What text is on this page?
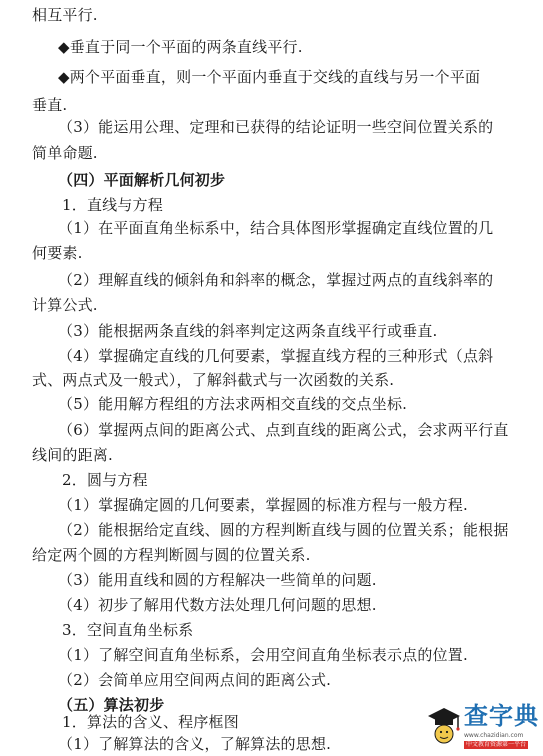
相互平行.
◆垂直于同一个平面的两条直线平行.
◆两个平面垂直，则一个平面内垂直于交线的直线与另一个平面
垂直.
（3）能运用公理、定理和已获得的结论证明一些空间位置关系的
简单命题.
（四）平面解析几何初步
1．直线与方程
（1）在平面直角坐标系中，结合具体图形掌握确定直线位置的几
何要素.
（2）理解直线的倾斜角和斜率的概念，掌握过两点的直线斜率的
计算公式.
（3）能根据两条直线的斜率判定这两条直线平行或垂直.
（4）掌握确定直线的几何要素，掌握直线方程的三种形式（点斜
式、两点式及一般式），了解斜截式与一次函数的关系.
（5）能用解方程组的方法求两相交直线的交点坐标.
（6）掌握两点间的距离公式、点到直线的距离公式，会求两平行直
线间的距离.
2．圆与方程
（1）掌握确定圆的几何要素，掌握圆的标准方程与一般方程.
（2）能根据给定直线、圆的方程判断直线与圆的位置关系；能根据
给定两个圆的方程判断圆与圆的位置关系.
（3）能用直线和圆的方程解决一些简单的问题.
（4）初步了解用代数方法处理几何问题的思想.
3．空间直角坐标系
（1）了解空间直角坐标系，会用空间直角坐标表示点的位置.
（2）会简单应用空间两点间的距离公式.
（五）算法初步
1．算法的含义、程序框图
（1）了解算法的含义，了解算法的思想.
查字典
www.chazidian.com
中文教育资源第一平台
